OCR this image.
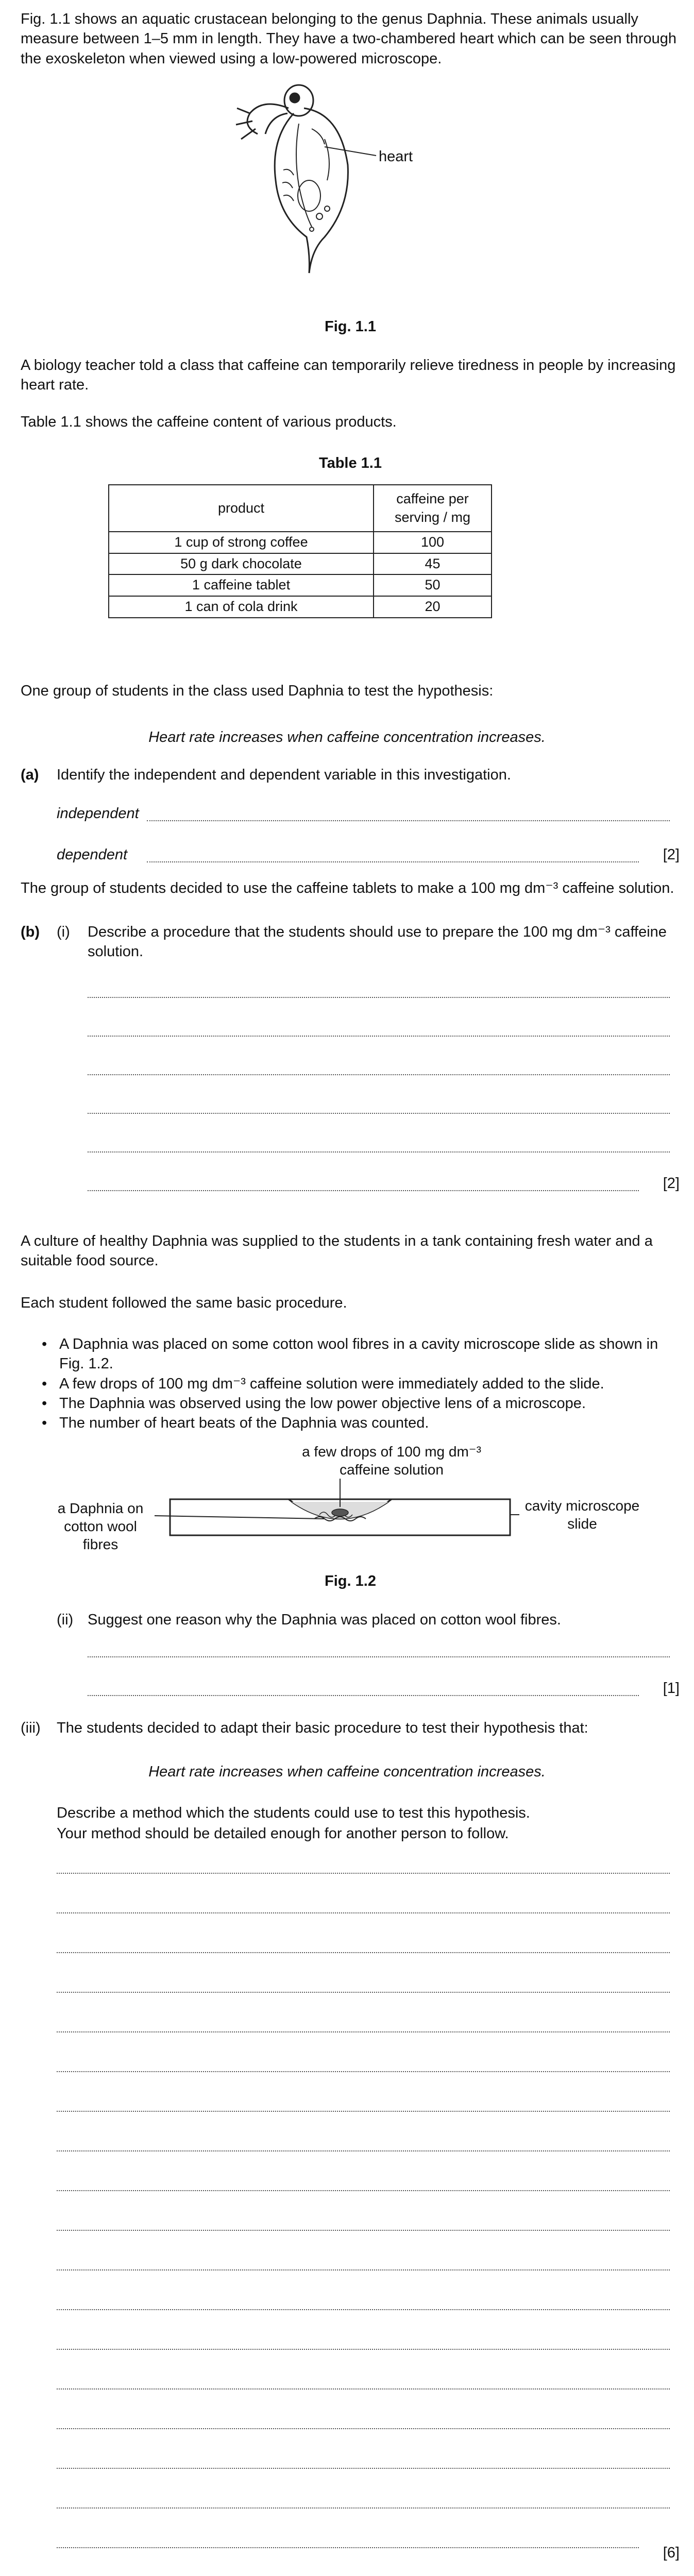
Fig. 1.1 shows an aquatic crustacean belonging to the genus Daphnia. These animals usually measure between 1–5 mm in length. They have a two-chambered heart which can be seen through the exoskeleton when viewed using a low-powered microscope.

heart

Fig. 1.1

A biology teacher told a class that caffeine can temporarily relieve tiredness in people by increasing heart rate.

Table 1.1 shows the caffeine content of various products.

Table 1.1

product	caffeine per serving / mg
1 cup of strong coffee	100
50 g dark chocolate	45
1 caffeine tablet	50
1 can of cola drink	20

One group of students in the class used Daphnia to test the hypothesis:

Heart rate increases when caffeine concentration increases.

(a) Identify the independent and dependent variable in this investigation.

independent
dependent	[2]

The group of students decided to use the caffeine tablets to make a 100 mg dm⁻³ caffeine solution.

(b) (i) Describe a procedure that the students should use to prepare the 100 mg dm⁻³ caffeine solution.

[2]

A culture of healthy Daphnia was supplied to the students in a tank containing fresh water and a suitable food source.

Each student followed the same basic procedure.

• A Daphnia was placed on some cotton wool fibres in a cavity microscope slide as shown in Fig. 1.2.
• A few drops of 100 mg dm⁻³ caffeine solution were immediately added to the slide.
• The Daphnia was observed using the low power objective lens of a microscope.
• The number of heart beats of the Daphnia was counted.

a few drops of 100 mg dm⁻³ caffeine solution

a Daphnia on cotton wool fibres

cavity microscope slide

Fig. 1.2

(ii) Suggest one reason why the Daphnia was placed on cotton wool fibres.

[1]
(iii) The students decided to adapt their basic procedure to test their hypothesis that:

Heart rate increases when caffeine concentration increases.

Describe a method which the students could use to test this hypothesis.

Your method should be detailed enough for another person to follow.

[6]
